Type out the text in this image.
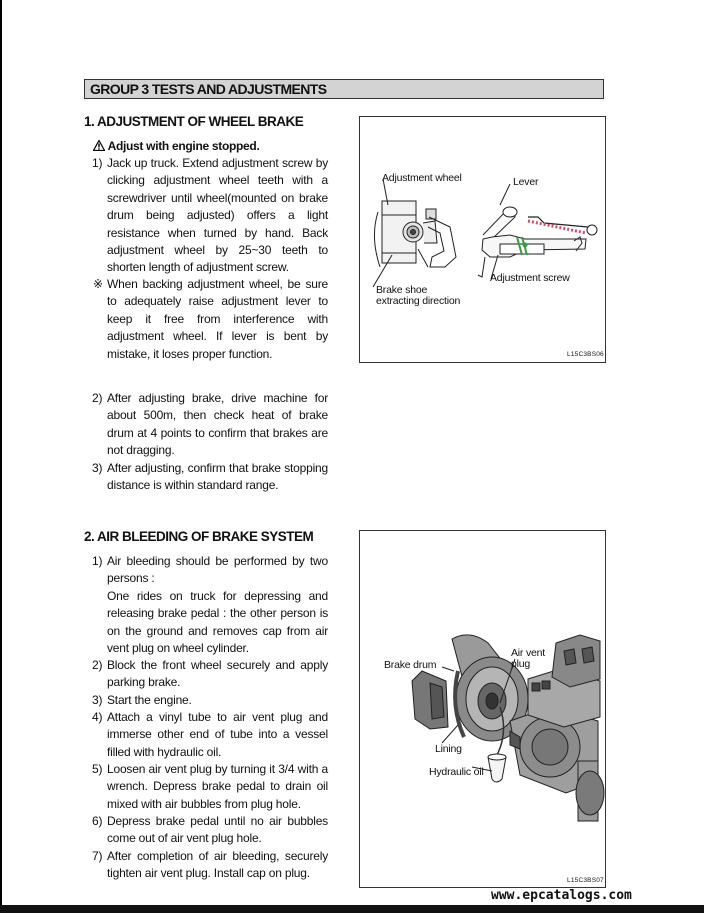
GROUP 3 TESTS AND ADJUSTMENTS
1. ADJUSTMENT OF WHEEL BRAKE
Adjust with engine stopped.
1) Jack up truck. Extend adjustment screw by clicking adjustment wheel teeth with a screwdriver until wheel(mounted on brake drum being adjusted) offers a light resistance when turned by hand. Back adjustment wheel by 25~30 teeth to shorten length of adjustment screw.
※ When backing adjustment wheel, be sure to adequately raise adjustment lever to keep it free from interference with adjustment wheel. If lever is bent by mistake, it loses proper function.
2) After adjusting brake, drive machine for about 500m, then check heat of brake drum at 4 points to confirm that brakes are not dragging.
3) After adjusting, confirm that brake stopping distance is within standard range.
Adjustment wheel	Lever
Adjustment screw
Brake shoe
extracting direction
L15C3BS06
2. AIR BLEEDING OF BRAKE SYSTEM
1) Air bleeding should be performed by two persons :
One rides on truck for depressing and releasing brake pedal : the other person is on the ground and removes cap from air vent plug on wheel cylinder.
2) Block the front wheel securely and apply parking brake.
3) Start the engine.
4) Attach a vinyl tube to air vent plug and immerse other end of tube into a vessel filled with hydraulic oil.
5) Loosen air vent plug by turning it 3/4 with a wrench. Depress brake pedal to drain oil mixed with air bubbles from plug hole.
6) Depress brake pedal until no air bubbles come out of air vent plug hole.
7) After completion of air bleeding, securely tighten air vent plug. Install cap on plug.
Brake drum
Air vent
plug
Lining
Hydraulic oil
L15C3BS07
www.epcatalogs.com
